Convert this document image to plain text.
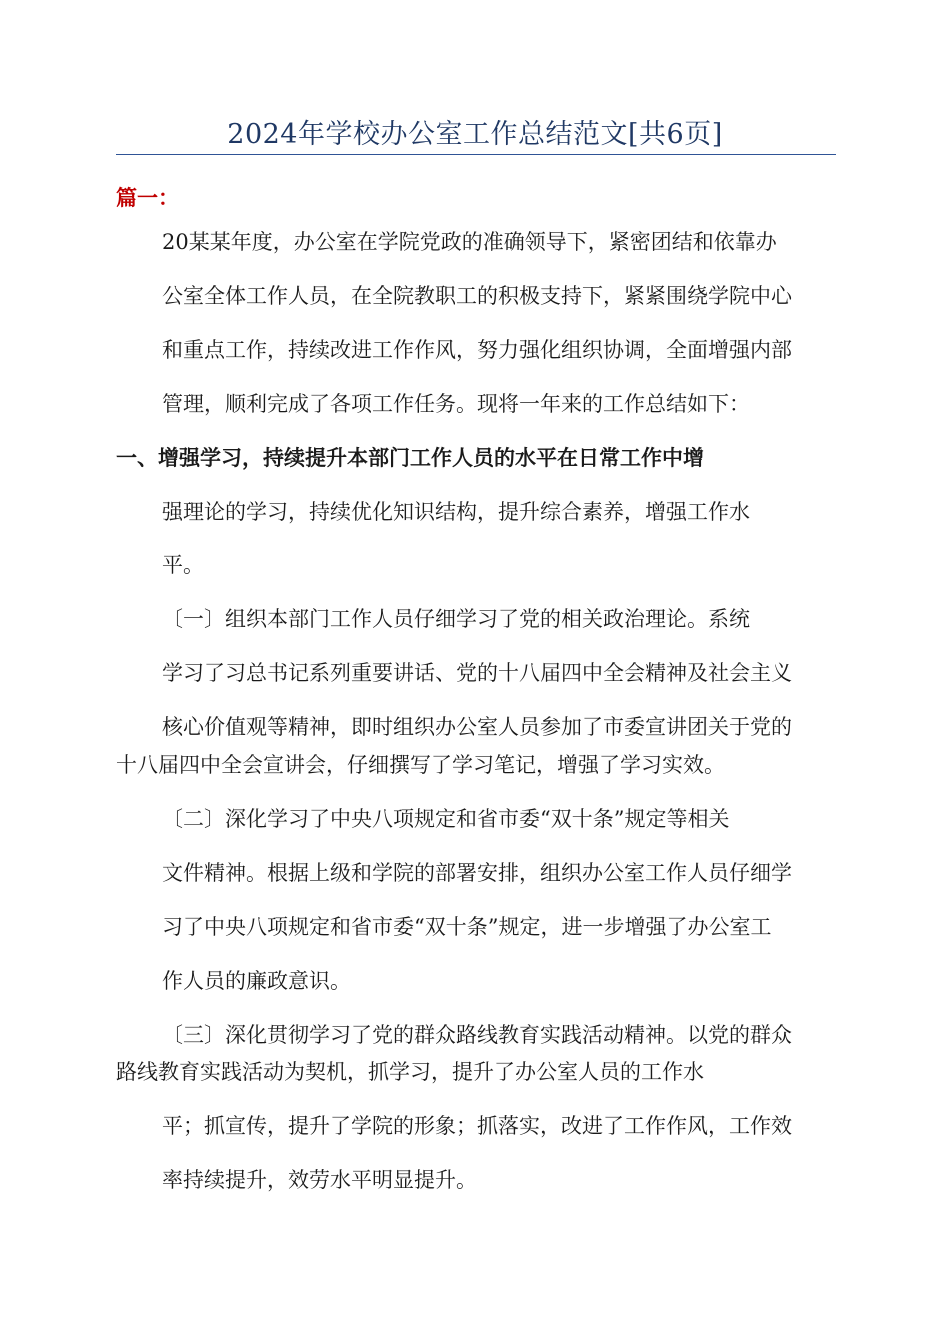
2024年学校办公室工作总结范文[共6页]
篇一：
20某某年度，办公室在学院党政的准确领导下，紧密团结和依靠办
公室全体工作人员，在全院教职工的积极支持下，紧紧围绕学院中心
和重点工作，持续改进工作作风，努力强化组织协调，全面增强内部
管理，顺利完成了各项工作任务。现将一年来的工作总结如下：
一、增强学习，持续提升本部门工作人员的水平在日常工作中增
强理论的学习，持续优化知识结构，提升综合素养，增强工作水
平。
〔一〕组织本部门工作人员仔细学习了党的相关政治理论。系统
学习了习总书记系列重要讲话、党的十八届四中全会精神及社会主义
核心价值观等精神，即时组织办公室人员参加了市委宣讲团关于党的
十八届四中全会宣讲会，仔细撰写了学习笔记，增强了学习实效。
〔二〕深化学习了中央八项规定和省市委“双十条”规定等相关
文件精神。根据上级和学院的部署安排，组织办公室工作人员仔细学
习了中央八项规定和省市委“双十条”规定，进一步增强了办公室工
作人员的廉政意识。
〔三〕深化贯彻学习了党的群众路线教育实践活动精神。以党的群众
路线教育实践活动为契机，抓学习，提升了办公室人员的工作水
平；抓宣传，提升了学院的形象；抓落实，改进了工作作风，工作效
率持续提升，效劳水平明显提升。
